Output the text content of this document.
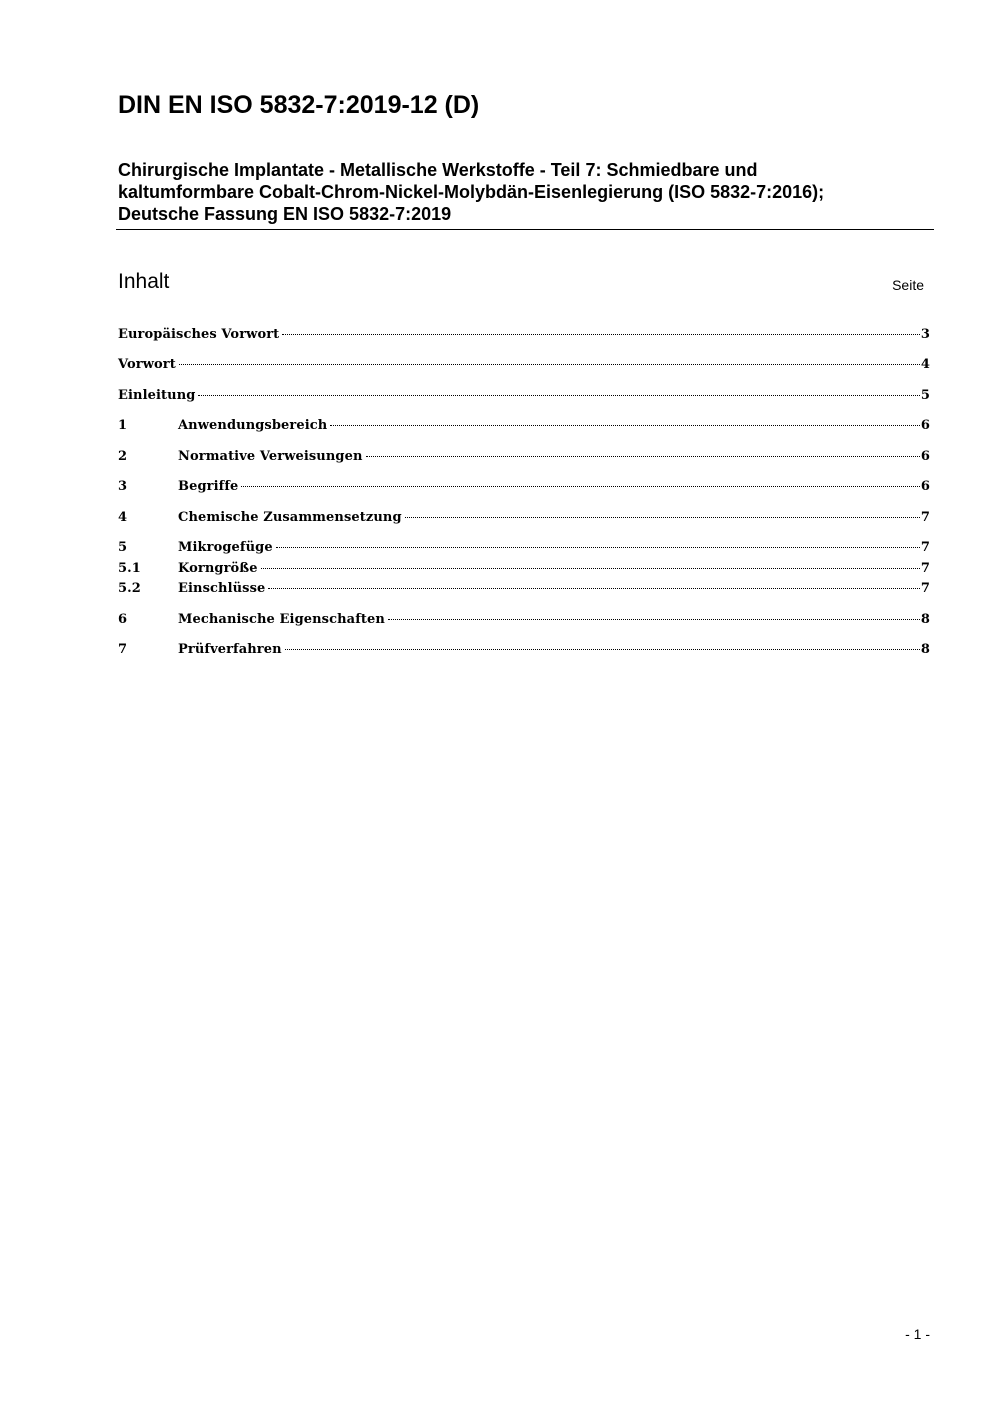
DIN EN ISO 5832-7:2019-12 (D)
Chirurgische Implantate - Metallische Werkstoffe - Teil 7: Schmiedbare und
kaltumformbare Cobalt-Chrom-Nickel-Molybdän-Eisenlegierung (ISO 5832-7:2016);
Deutsche Fassung EN ISO 5832-7:2019
Inhalt	Seite
Europäisches Vorwort	3
Vorwort	4
Einleitung	5
1	Anwendungsbereich	6
2	Normative Verweisungen	6
3	Begriffe	6
4	Chemische Zusammensetzung	7
5	Mikrogefüge	7
5.1	Korngröße	7
5.2	Einschlüsse	7
6	Mechanische Eigenschaften	8
7	Prüfverfahren	8
- 1 -
